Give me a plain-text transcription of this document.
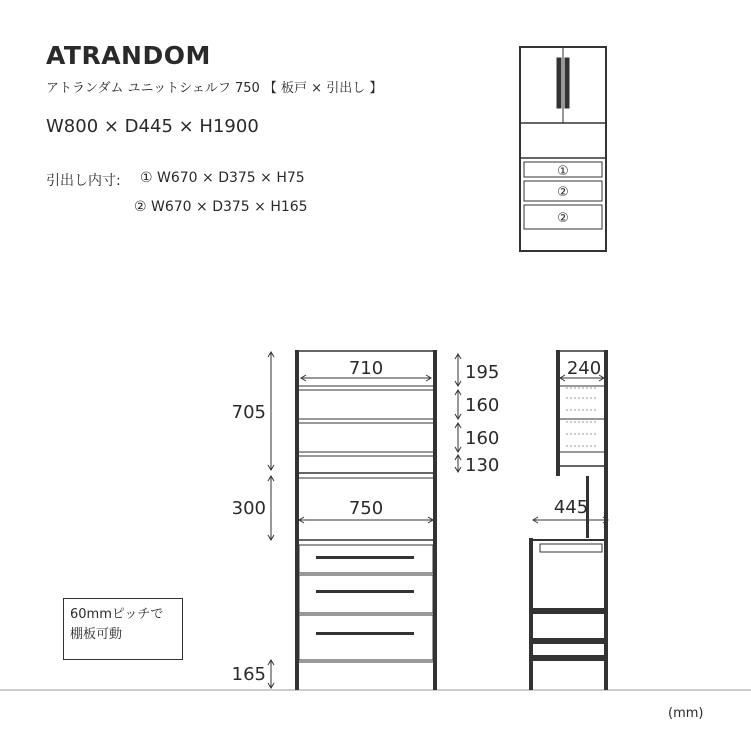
ATRANDOM
アトランダム ユニットシェルフ 750 【 板戸 × 引出し 】
W800 × D445 × H1900
引出し内寸: ① W670 × D375 × H75
② W670 × D375 × H165
60mmピッチで
棚板可動
(mm)
①
②
②
710
750
705
300
165
195
160
160
130
240
445
